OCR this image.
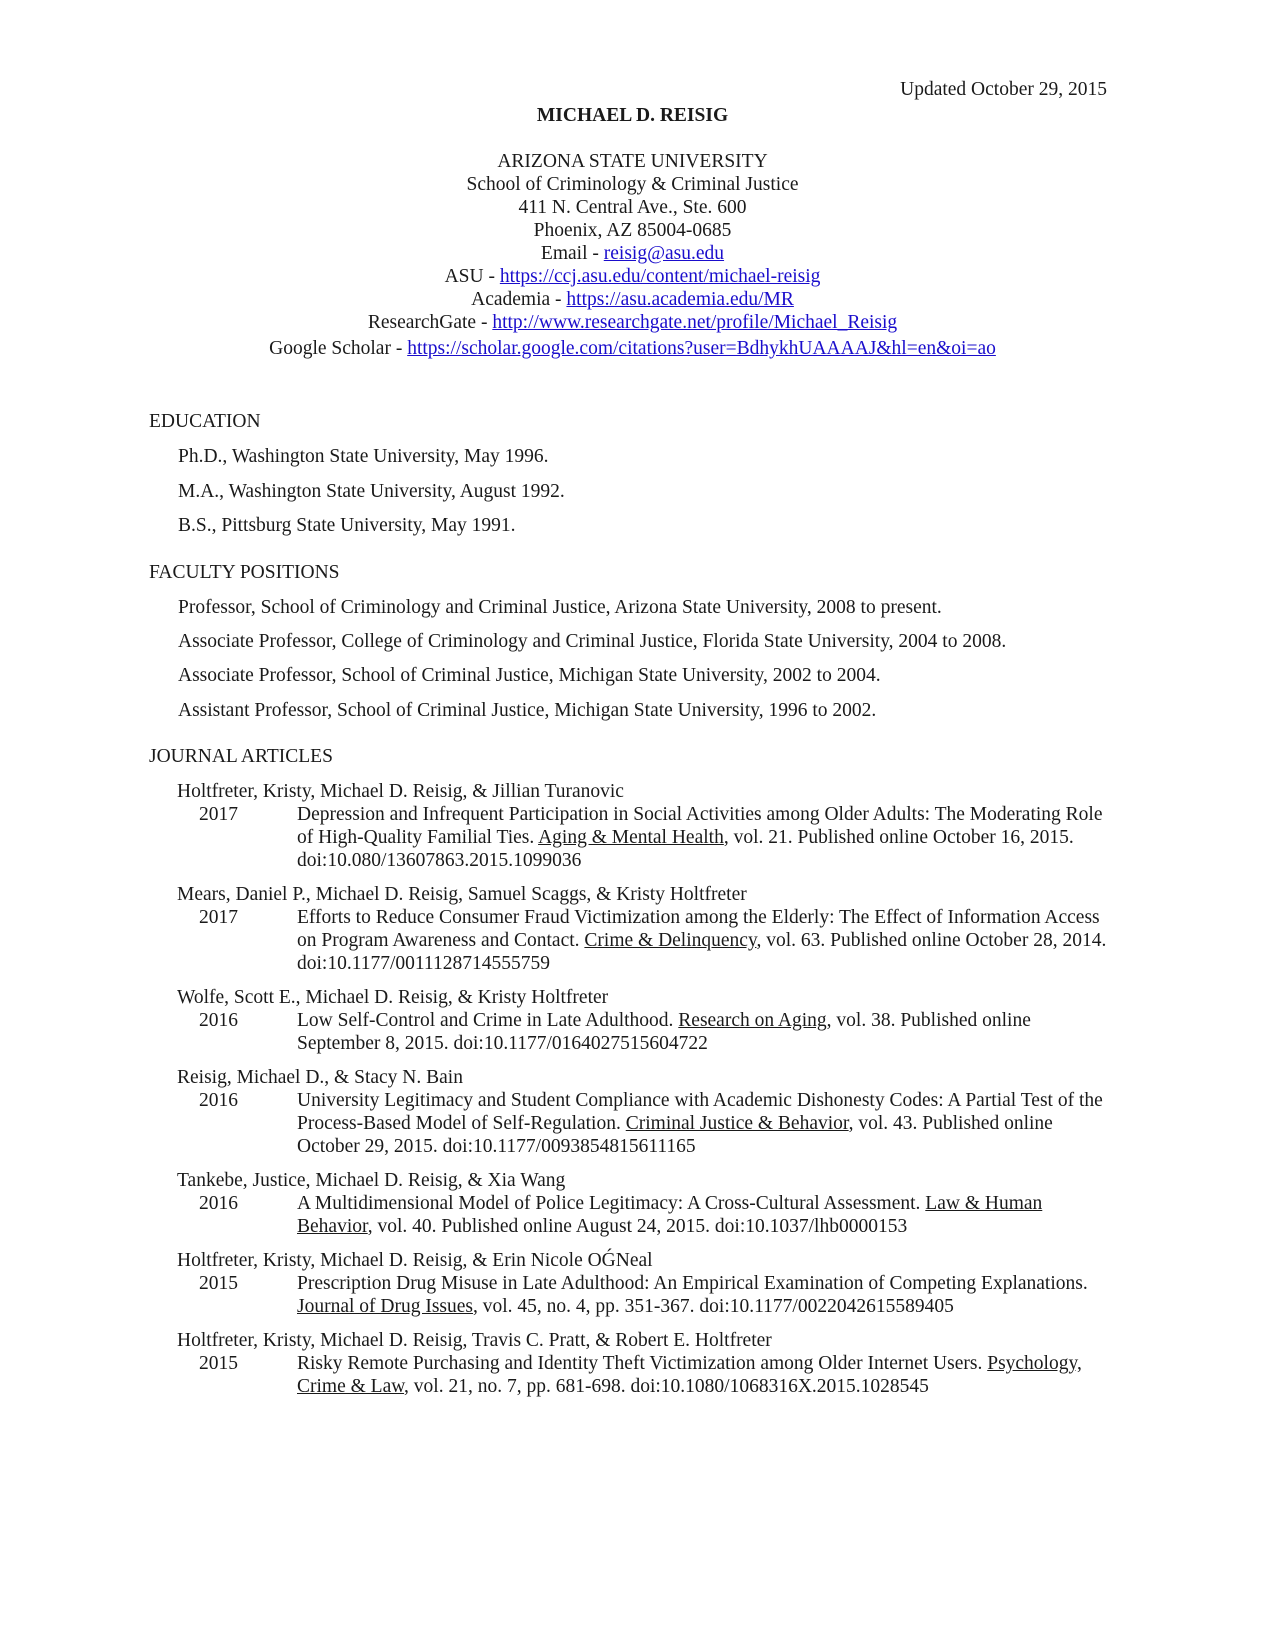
Updated October 29, 2015
MICHAEL D. REISIG
ARIZONA STATE UNIVERSITY
School of Criminology & Criminal Justice
411 N. Central Ave., Ste. 600
Phoenix, AZ 85004-0685
Email - reisig@asu.edu
ASU - https://ccj.asu.edu/content/michael-reisig
Academia - https://asu.academia.edu/MR
ResearchGate - http://www.researchgate.net/profile/Michael_Reisig
Google Scholar - https://scholar.google.com/citations?user=BdhykhUAAAAJ&hl=en&oi=ao
EDUCATION
Ph.D., Washington State University, May 1996.
M.A., Washington State University, August 1992.
B.S., Pittsburg State University, May 1991.
FACULTY POSITIONS
Professor, School of Criminology and Criminal Justice, Arizona State University, 2008 to present.
Associate Professor, College of Criminology and Criminal Justice, Florida State University, 2004 to 2008.
Associate Professor, School of Criminal Justice, Michigan State University, 2002 to 2004.
Assistant Professor, School of Criminal Justice, Michigan State University, 1996 to 2002.
JOURNAL ARTICLES
Holtfreter, Kristy, Michael D. Reisig, & Jillian Turanovic
2017	Depression and Infrequent Participation in Social Activities among Older Adults: The Moderating Role of High-Quality Familial Ties. Aging & Mental Health, vol. 21. Published online October 16, 2015. doi:10.080/13607863.2015.1099036
Mears, Daniel P., Michael D. Reisig, Samuel Scaggs, & Kristy Holtfreter
2017	Efforts to Reduce Consumer Fraud Victimization among the Elderly: The Effect of Information Access on Program Awareness and Contact. Crime & Delinquency, vol. 63. Published online October 28, 2014. doi:10.1177/0011128714555759
Wolfe, Scott E., Michael D. Reisig, & Kristy Holtfreter
2016	Low Self-Control and Crime in Late Adulthood. Research on Aging, vol. 38. Published online September 8, 2015. doi:10.1177/0164027515604722
Reisig, Michael D., & Stacy N. Bain
2016	University Legitimacy and Student Compliance with Academic Dishonesty Codes: A Partial Test of the Process-Based Model of Self-Regulation. Criminal Justice & Behavior, vol. 43. Published online October 29, 2015. doi:10.1177/0093854815611165
Tankebe, Justice, Michael D. Reisig, & Xia Wang
2016	A Multidimensional Model of Police Legitimacy: A Cross-Cultural Assessment. Law & Human Behavior, vol. 40. Published online August 24, 2015. doi:10.1037/lhb0000153
Holtfreter, Kristy, Michael D. Reisig, & Erin Nicole OǴNeal
2015	Prescription Drug Misuse in Late Adulthood: An Empirical Examination of Competing Explanations. Journal of Drug Issues, vol. 45, no. 4, pp. 351-367. doi:10.1177/0022042615589405
Holtfreter, Kristy, Michael D. Reisig, Travis C. Pratt, & Robert E. Holtfreter
2015	Risky Remote Purchasing and Identity Theft Victimization among Older Internet Users. Psychology, Crime & Law, vol. 21, no. 7, pp. 681-698. doi:10.1080/1068316X.2015.1028545
